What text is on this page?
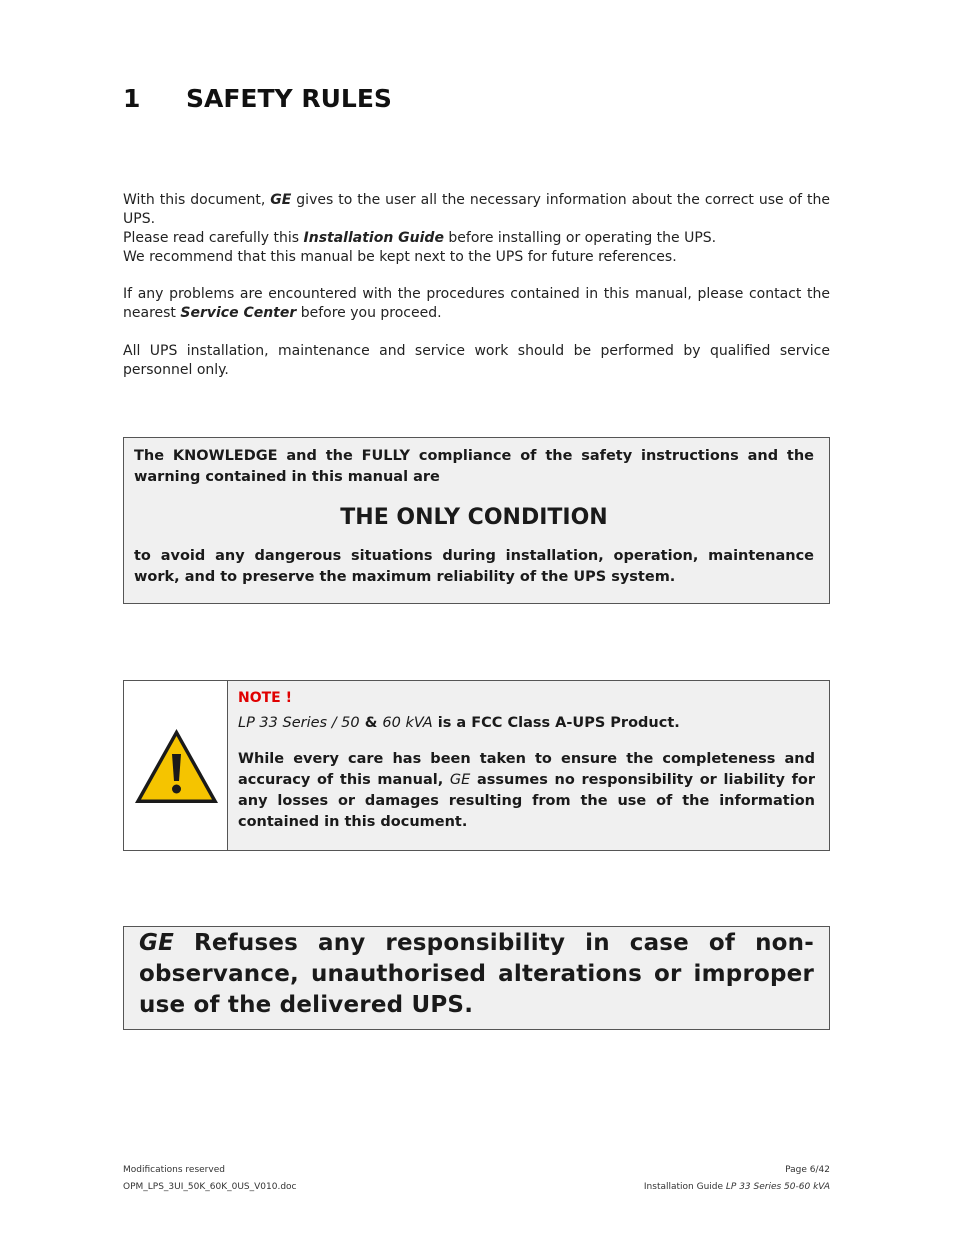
1 SAFETY RULES
With this document, GE gives to the user all the necessary information about the correct use of the UPS.
Please read carefully this Installation Guide before installing or operating the UPS.
We recommend that this manual be kept next to the UPS for future references.
If any problems are encountered with the procedures contained in this manual, please contact the nearest Service Center before you proceed.
All UPS installation, maintenance and service work should be performed by qualified service personnel only.

The KNOWLEDGE and the FULLY compliance of the safety instructions and the warning contained in this manual are

THE ONLY CONDITION

to avoid any dangerous situations during installation, operation, maintenance work, and to preserve the maximum reliability of the UPS system.

NOTE !

LP 33 Series / 50 & 60 kVA is a FCC Class A-UPS Product.

While every care has been taken to ensure the completeness and accuracy of this manual, GE assumes no responsibility or liability for any losses or damages resulting from the use of the information contained in this document.

GE Refuses any responsibility in case of non-observance, unauthorised alterations or improper use of the delivered UPS.

Modifications reserved
OPM_LPS_3UI_50K_60K_0US_V010.doc
Page 6/42
Installation Guide LP 33 Series 50-60 kVA
